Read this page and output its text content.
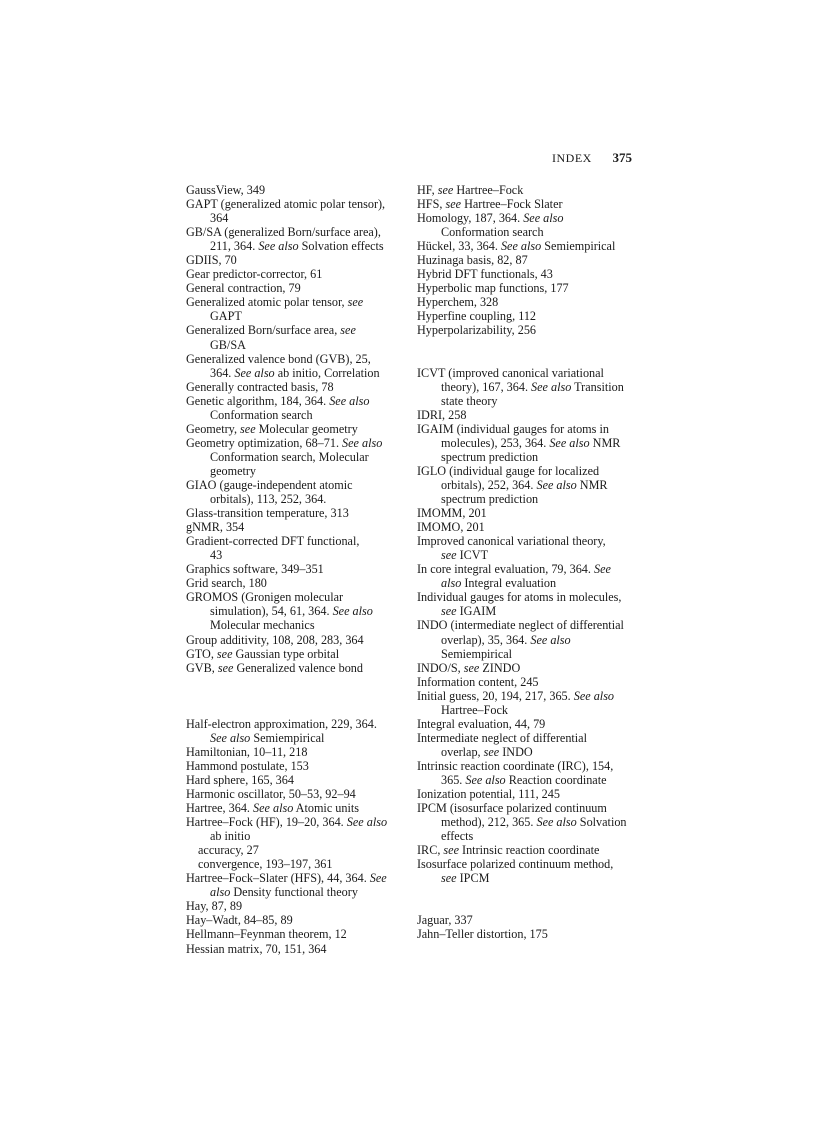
INDEX 375
GaussView, 349
GAPT (generalized atomic polar tensor),
364
GB/SA (generalized Born/surface area),
211, 364. See also Solvation effects
GDIIS, 70
Gear predictor-corrector, 61
General contraction, 79
Generalized atomic polar tensor, see
GAPT
Generalized Born/surface area, see
GB/SA
Generalized valence bond (GVB), 25,
364. See also ab initio, Correlation
Generally contracted basis, 78
Genetic algorithm, 184, 364. See also
Conformation search
Geometry, see Molecular geometry
Geometry optimization, 68–71. See also
Conformation search, Molecular
geometry
GIAO (gauge-independent atomic
orbitals), 113, 252, 364.
Glass-transition temperature, 313
gNMR, 354
Gradient-corrected DFT functional,
43
Graphics software, 349–351
Grid search, 180
GROMOS (Gronigen molecular
simulation), 54, 61, 364. See also
Molecular mechanics
Group additivity, 108, 208, 283, 364
GTO, see Gaussian type orbital
GVB, see Generalized valence bond
Half-electron approximation, 229, 364.
See also Semiempirical
Hamiltonian, 10–11, 218
Hammond postulate, 153
Hard sphere, 165, 364
Harmonic oscillator, 50–53, 92–94
Hartree, 364. See also Atomic units
Hartree–Fock (HF), 19–20, 364. See also
ab initio
accuracy, 27
convergence, 193–197, 361
Hartree–Fock–Slater (HFS), 44, 364. See
also Density functional theory
Hay, 87, 89
Hay–Wadt, 84–85, 89
Hellmann–Feynman theorem, 12
Hessian matrix, 70, 151, 364
HF, see Hartree–Fock
HFS, see Hartree–Fock Slater
Homology, 187, 364. See also
Conformation search
Hückel, 33, 364. See also Semiempirical
Huzinaga basis, 82, 87
Hybrid DFT functionals, 43
Hyperbolic map functions, 177
Hyperchem, 328
Hyperfine coupling, 112
Hyperpolarizability, 256
ICVT (improved canonical variational
theory), 167, 364. See also Transition
state theory
IDRI, 258
IGAIM (individual gauges for atoms in
molecules), 253, 364. See also NMR
spectrum prediction
IGLO (individual gauge for localized
orbitals), 252, 364. See also NMR
spectrum prediction
IMOMM, 201
IMOMO, 201
Improved canonical variational theory,
see ICVT
In core integral evaluation, 79, 364. See
also Integral evaluation
Individual gauges for atoms in molecules,
see IGAIM
INDO (intermediate neglect of differential
overlap), 35, 364. See also
Semiempirical
INDO/S, see ZINDO
Information content, 245
Initial guess, 20, 194, 217, 365. See also
Hartree–Fock
Integral evaluation, 44, 79
Intermediate neglect of differential
overlap, see INDO
Intrinsic reaction coordinate (IRC), 154,
365. See also Reaction coordinate
Ionization potential, 111, 245
IPCM (isosurface polarized continuum
method), 212, 365. See also Solvation
effects
IRC, see Intrinsic reaction coordinate
Isosurface polarized continuum method,
see IPCM
Jaguar, 337
Jahn–Teller distortion, 175
